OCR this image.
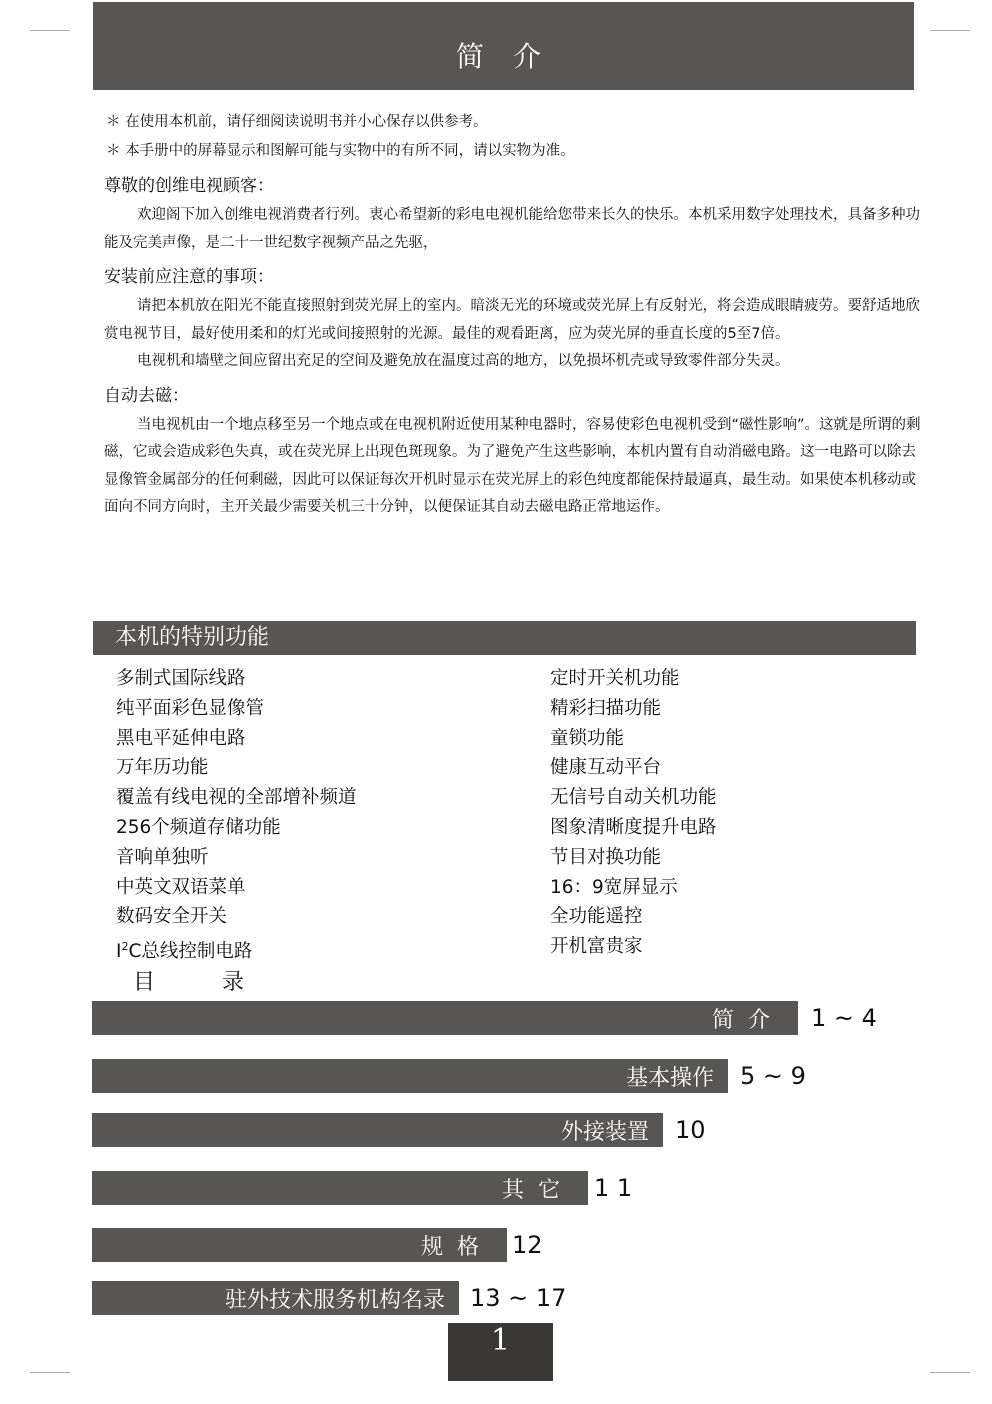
简 介
＊ 在使用本机前，请仔细阅读说明书并小心保存以供参考。
＊ 本手册中的屏幕显示和图解可能与实物中的有所不同，请以实物为准。
尊敬的创维电视顾客：

欢迎阁下加入创维电视消费者行列。衷心希望新的彩电电视机能给您带来长久的快乐。本机采用数字处理技术，具备多种功能及完美声像，是二十一世纪数字视频产品之先驱，

安装前应注意的事项：

请把本机放在阳光不能直接照射到荧光屏上的室内。暗淡无光的环境或荧光屏上有反射光，将会造成眼睛疲劳。要舒适地欣赏电视节目，最好使用柔和的灯光或间接照射的光源。最佳的观看距离，应为荧光屏的垂直长度的5至7倍。

电视机和墙壁之间应留出充足的空间及避免放在温度过高的地方，以免损坏机壳或导致零件部分失灵。

自动去磁：

当电视机由一个地点移至另一个地点或在电视机附近使用某种电器时，容易使彩色电视机受到“磁性影响”。这就是所谓的剩磁，它或会造成彩色失真，或在荧光屏上出现色斑现象。为了避免产生这些影响，本机内置有自动消磁电路。这一电路可以除去显像管金属部分的任何剩磁，因此可以保证每次开机时显示在荧光屏上的彩色纯度都能保持最逼真，最生动。如果使本机移动或面向不同方向时，主开关最少需要关机三十分钟，以便保证其自动去磁电路正常地运作。

本机的特别功能
多制式国际线路
纯平面彩色显像管
黑电平延伸电路
万年历功能
覆盖有线电视的全部增补频道
256个频道存储功能
音响单独听
中英文双语菜单
数码安全开关
$I^2C$总线控制电路
定时开关机功能
精彩扫描功能
童锁功能
健康互动平台
无信号自动关机功能
图象清晰度提升电路
节目对换功能
16：9宽屏显示
全功能遥控
开机富贵家
目 录
简介 1 ~ 4
基本操作 5 ~ 9
外接装置 10
其它 1 1
规格 12
驻外技术服务机构名录 13 ~ 17
1
